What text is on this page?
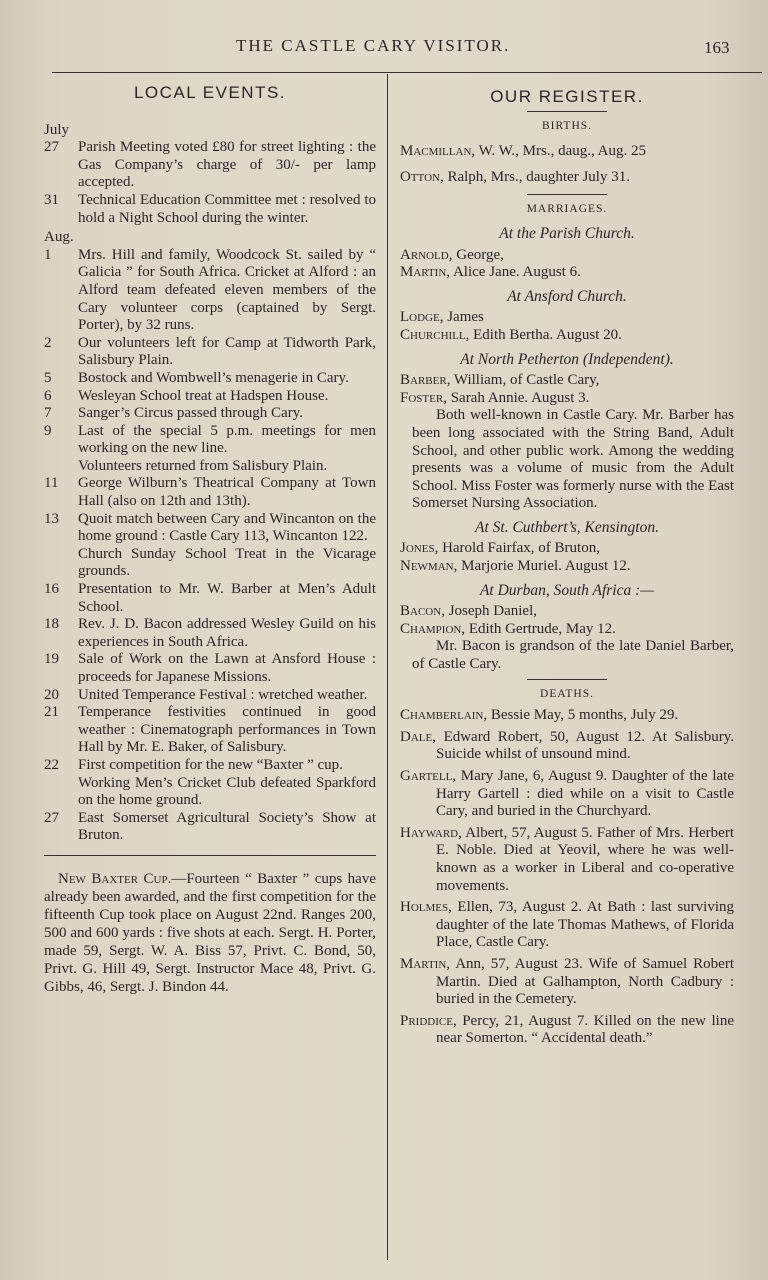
THE CASTLE CARY VISITOR.	163
LOCAL EVENTS.
July
27	Parish Meeting voted £80 for street lighting : the Gas Company’s charge of 30/- per lamp accepted.
31	Technical Education Committee met : resolved to hold a Night School during the winter.
Aug.
1	Mrs. Hill and family, Woodcock St. sailed by “ Galicia ” for South Africa. Cricket at Alford : an Alford team defeated eleven members of the Cary volunteer corps (captained by Sergt. Porter), by 32 runs.
2	Our volunteers left for Camp at Tidworth Park, Salisbury Plain.
5	Bostock and Wombwell’s menagerie in Cary.
6	Wesleyan School treat at Hadspen House.
7	Sanger’s Circus passed through Cary.
9	Last of the special 5 p.m. meetings for men working on the new line.
Volunteers returned from Salisbury Plain.
11	George Wilburn’s Theatrical Company at Town Hall (also on 12th and 13th).
13	Quoit match between Cary and Wincanton on the home ground : Castle Cary 113, Wincanton 122.
Church Sunday School Treat in the Vicarage grounds.
16	Presentation to Mr. W. Barber at Men’s Adult School.
18	Rev. J. D. Bacon addressed Wesley Guild on his experiences in South Africa.
19	Sale of Work on the Lawn at Ansford House : proceeds for Japanese Missions.
20	United Temperance Festival : wretched weather.
21	Temperance festivities continued in good weather : Cinematograph performances in Town Hall by Mr. E. Baker, of Salisbury.
22	First competition for the new “Baxter ” cup.
Working Men’s Cricket Club defeated Sparkford on the home ground.
27	East Somerset Agricultural Society’s Show at Bruton.
New Baxter Cup.—Fourteen “ Baxter ” cups have already been awarded, and the first competition for the fifteenth Cup took place on August 22nd. Ranges 200, 500 and 600 yards : five shots at each. Sergt. H. Porter, made 59, Sergt. W. A. Biss 57, Privt. C. Bond, 50, Privt. G. Hill 49, Sergt. Instructor Mace 48, Privt. G. Gibbs, 46, Sergt. J. Bindon 44.
OUR REGISTER.
BIRTHS.
Macmillan, W. W., Mrs., daug., Aug. 25
Otton, Ralph, Mrs., daughter July 31.
MARRIAGES.
At the Parish Church.

Arnold, George,

Martin, Alice Jane. August 6.

At Ansford Church.

Lodge, James

Churchill, Edith Bertha. August 20.

At North Petherton (Independent).

Barber, William, of Castle Cary,

Foster, Sarah Annie. August 3.

Both well-known in Castle Cary. Mr. Barber has been long associated with the String Band, Adult School, and other public work. Among the wedding presents was a volume of music from the Adult School. Miss Foster was formerly nurse with the East Somerset Nursing Association.

At St. Cuthbert’s, Kensington.

Jones, Harold Fairfax, of Bruton,

Newman, Marjorie Muriel. August 12.

At Durban, South Africa :—

Bacon, Joseph Daniel,

Champion, Edith Gertrude, May 12.

Mr. Bacon is grandson of the late Daniel Barber, of Castle Cary.

DEATHS.
Chamberlain, Bessie May, 5 months, July 29.
Dale, Edward Robert, 50, August 12. At Salisbury. Suicide whilst of unsound mind.
Gartell, Mary Jane, 6, August 9. Daughter of the late Harry Gartell : died while on a visit to Castle Cary, and buried in the Churchyard.
Hayward, Albert, 57, August 5. Father of Mrs. Herbert E. Noble. Died at Yeovil, where he was well-known as a worker in Liberal and co-operative movements.
Holmes, Ellen, 73, August 2. At Bath : last surviving daughter of the late Thomas Mathews, of Florida Place, Castle Cary.
Martin, Ann, 57, August 23. Wife of Samuel Robert Martin. Died at Galhampton, North Cadbury : buried in the Cemetery.
Priddice, Percy, 21, August 7. Killed on the new line near Somerton. “ Accidental death.”
